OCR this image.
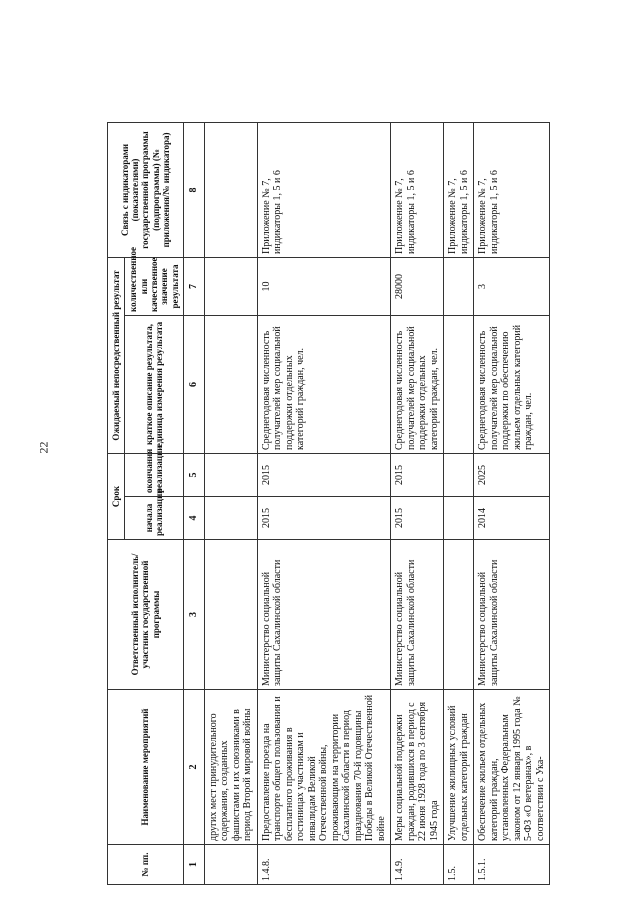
22
№ пп.	Наименование мероприятий	Ответственный исполнитель/участник государственной программы	Срок		Ожидаемый непосредственный результат		Связь с индикаторами (показателями) государственной программы (подпрограммы) (№ приложения/№ индикатора)
			начала реализации	окончания реализации	краткое описание результата, единица измерения результата	количественное или качественное значение результата	
1	2	3	4	5	6	7	8
	других мест принудительного содержания, созданных фашистами и их союзниками в период Второй мировой войны						
1.4.8.	Предоставление проезда на транспорте общего пользования и бесплатного проживания в гостиницах участникам и инвалидам Великой Отечественной войны, проживающим на территории Сахалинской области в период празднования 70-й годовщины Победы в Великой Отечественной войне	Министерство социальной защиты Сахалинской области	2015	2015	Среднегодовая численность получателей мер социальной поддержки отдельных категорий граждан, чел.	10	Приложение № 7, индикаторы 1, 5 и 6
1.4.9.	Меры социальной поддержки граждан, родившихся в период с 22 июня 1928 года по 3 сентября 1945 года	Министерство социальной защиты Сахалинской области	2015	2015	Среднегодовая численность получателей мер социальной поддержки отдельных категорий граждан, чел.	28000	Приложение № 7, индикаторы 1, 5 и 6
1.5.	Улучшение жилищных условий отдельных категорий граждан						Приложение № 7, индикаторы 1, 5 и 6
1.5.1.	Обеспечение жильем отдельных категорий граждан, установленных Федеральным законом от 12 января 1995 года № 5-ФЗ «О ветеранах», в соответствии с Ука-	Министерство социальной защиты Сахалинской области	2014	2025	Среднегодовая численность получателей мер социальной поддержки по обеспечению жильем отдельных категорий граждан, чел.	3	Приложение № 7, индикаторы 1, 5 и 6
